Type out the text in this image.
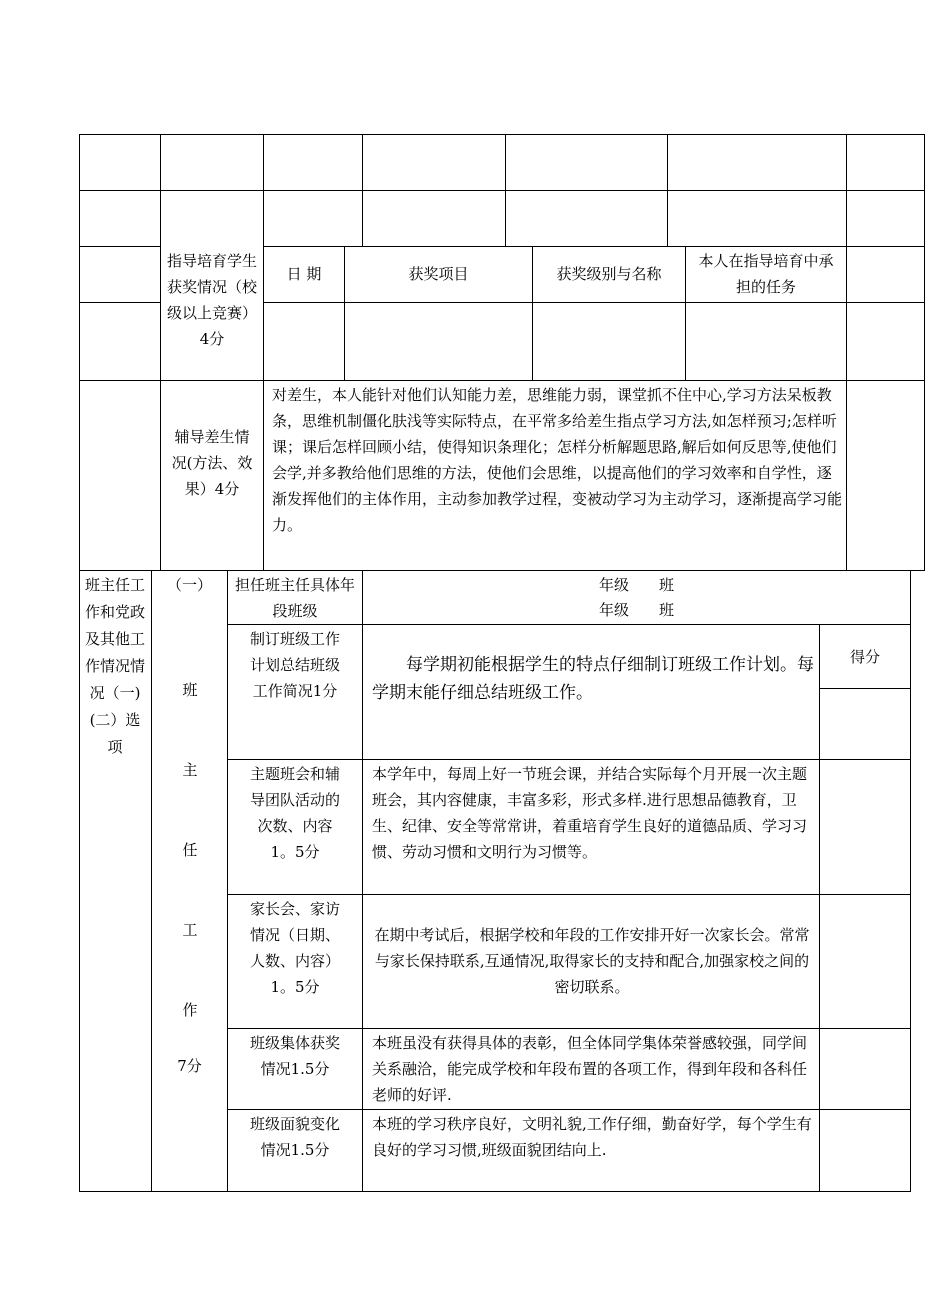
指导培育学生获奖情况（校级以上竞赛）4分
日 期	获奖项目	获奖级别与名称
本人在指导培育中承担的任务
辅导差生情况(方法、效果）4分
对差生，本人能针对他们认知能力差，思维能力弱，课堂抓不住中心,学习方法呆板教条，思维机制僵化肤浅等实际特点，在平常多给差生指点学习方法,如怎样预习;怎样听课；课后怎样回顾小结，使得知识条理化；怎样分析解题思路,解后如何反思等,使他们会学,并多教给他们思维的方法，使他们会思维，以提高他们的学习效率和自学性，逐渐发挥他们的主体作用，主动参加教学过程，变被动学习为主动学习，逐渐提高学习能力。
班主任工作和党政及其他工作情况情况（一)(二）选项
（一）
班主任工作
7分
担任班主任具体年段班级
年级　　班
年级　　班
制订班级工作计划总结班级工作简况1分
每学期初能根据学生的特点仔细制订班级工作计划。每学期末能仔细总结班级工作。
得分
主题班会和辅导团队活动的次数、内容1。5分
本学年中，每周上好一节班会课，并结合实际每个月开展一次主题班会，其内容健康，丰富多彩，形式多样.进行思想品德教育，卫生、纪律、安全等常常讲，着重培育学生良好的道德品质、学习习惯、劳动习惯和文明行为习惯等。
家长会、家访情况（日期、人数、内容）1。5分
在期中考试后，根据学校和年段的工作安排开好一次家长会。常常与家长保持联系,互通情况,取得家长的支持和配合,加强家校之间的密切联系。
班级集体获奖情况1.5分
本班虽没有获得具体的表彰，但全体同学集体荣誉感较强，同学间关系融洽，能完成学校和年段布置的各项工作，得到年段和各科任老师的好评.
班级面貌变化情况1.5分
本班的学习秩序良好，文明礼貌,工作仔细，勤奋好学，每个学生有良好的学习习惯,班级面貌团结向上.
